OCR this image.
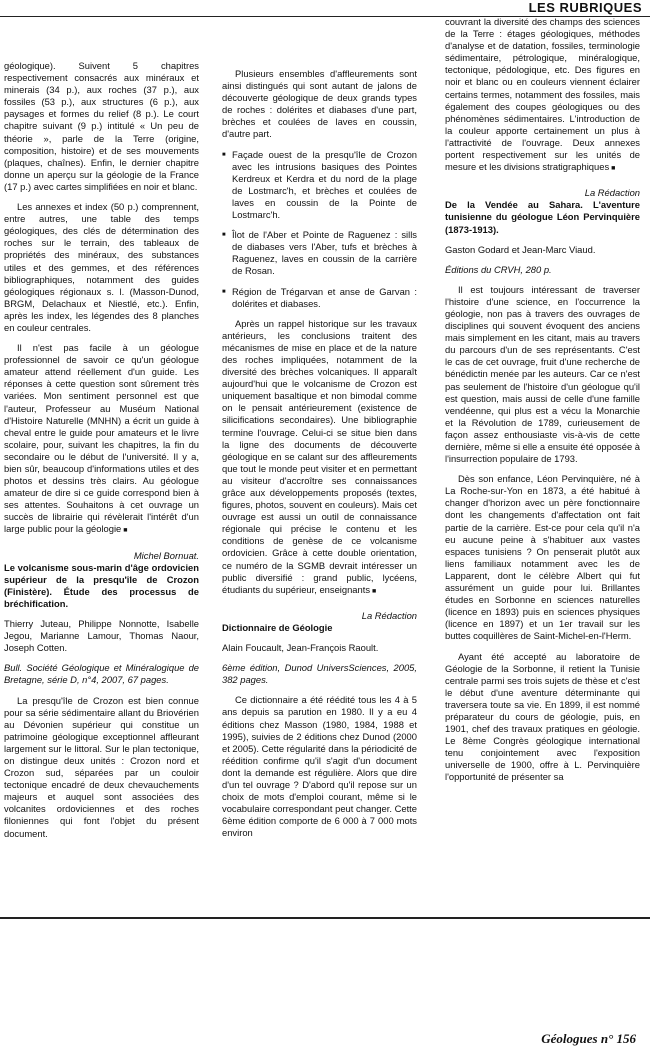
LES RUBRIQUES

géologique). Suivent 5 chapitres respectivement consacrés aux minéraux et minerais (34 p.), aux roches (37 p.), aux fossiles (53 p.), aux structures (6 p.), aux paysages et formes du relief (8 p.). Le court chapitre suivant (9 p.) intitulé « Un peu de théorie », parle de la Terre (origine, composition, histoire) et de ses mouvements (plaques, chaînes). Enfin, le dernier chapitre donne un aperçu sur la géologie de la France (17 p.) avec cartes simplifiées en noir et blanc.

Les annexes et index (50 p.) comprennent, entre autres, une table des temps géologiques, des clés de détermination des roches sur le terrain, des tableaux de propriétés des minéraux, des substances utiles et des gemmes, et des références bibliographiques, notamment des guides géologiques régionaux s. l. (Masson-Dunod, BRGM, Delachaux et Niestlé, etc.). Enfin, après les index, les légendes des 8 planches en couleur centrales.

Il n'est pas facile à un géologue professionnel de savoir ce qu'un géologue amateur attend réellement d'un guide. Les réponses à cette question sont sûrement très variées. Mon sentiment personnel est que l'auteur, Professeur au Muséum National d'Histoire Naturelle (MNHN) a écrit un guide à cheval entre le guide pour amateurs et le livre scolaire, pour, suivant les chapitres, la fin du secondaire ou le début de l'université. Il y a, bien sûr, beaucoup d'informations utiles et des photos et dessins très clairs. Au géologue amateur de dire si ce guide correspond bien à ses attentes. Souhaitons à cet ouvrage un succès de librairie qui révèlerait l'intérêt d'un large public pour la géologie ■

Michel Bornuat.

Le volcanisme sous-marin d'âge ordovicien supérieur de la presqu'île de Crozon (Finistère). Étude des processus de bréchification.

Thierry Juteau, Philippe Nonnotte, Isabelle Jegou, Marianne Lamour, Thomas Naour, Joseph Cotten.

Bull. Société Géologique et Minéralogique de Bretagne, série D, n°4, 2007, 67 pages.

La presqu'île de Crozon est bien connue pour sa série sédimentaire allant du Briovérien au Dévonien supérieur qui constitue un patrimoine géologique exceptionnel affleurant largement sur le littoral. Sur le plan tectonique, on distingue deux unités : Crozon nord et Crozon sud, séparées par un couloir tectonique encadré de deux chevauchements majeurs et auquel sont associées des volcanites ordoviciennes et des roches filoniennes qui font l'objet du présent document.

Plusieurs ensembles d'affleurements sont ainsi distingués qui sont autant de jalons de découverte géologique de deux grands types de roches : dolérites et diabases d'une part, brèches et coulées de laves en coussin, d'autre part.

■ Façade ouest de la presqu'île de Crozon avec les intrusions basiques des Pointes Kerdreux et Kerdra et du nord de la plage de Lostmarc'h, et brèches et coulées de laves en coussin de la Pointe de Lostmarc'h.

■ Îlot de l'Aber et Pointe de Raguenez : sills de diabases vers l'Aber, tufs et brèches à Raguenez, laves en coussin de la carrière de Rosan.

■ Région de Trégarvan et anse de Garvan : dolérites et diabases.

Après un rappel historique sur les travaux antérieurs, les conclusions traitent des mécanismes de mise en place et de la nature des roches impliquées, notamment de la diversité des brèches volcaniques. Il apparaît aujourd'hui que le volcanisme de Crozon est uniquement basaltique et non bimodal comme on le pensait antérieurement (existence de silicifications secondaires). Une bibliographie termine l'ouvrage. Celui-ci se situe bien dans la ligne des documents de découverte géologique en se calant sur des affleurements que tout le monde peut visiter et en permettant au visiteur d'accroître ses connaissances grâce aux développements proposés (textes, figures, photos, souvent en couleurs). Mais cet ouvrage est aussi un outil de connaissance régionale qui précise le contenu et les conditions de genèse de ce volcanisme ordovicien. Grâce à cette double orientation, ce numéro de la SGMB devrait intéresser un public diversifié : grand public, lycéens, étudiants du supérieur, enseignants ■

La Rédaction

Dictionnaire de Géologie

Alain Foucault, Jean-François Raoult.

6ème édition, Dunod UniversSciences, 2005, 382 pages.

Ce dictionnaire a été réédité tous les 4 à 5 ans depuis sa parution en 1980. Il y a eu 4 éditions chez Masson (1980, 1984, 1988 et 1995), suivies de 2 éditions chez Dunod (2000 et 2005). Cette régularité dans la périodicité de réédition confirme qu'il s'agit d'un document dont la demande est régulière. Alors que dire d'un tel ouvrage ? D'abord qu'il repose sur un choix de mots d'emploi courant, même si le vocabulaire correspondant peut changer. Cette 6ème édition comporte de 6 000 à 7 000 mots environ

couvrant la diversité des champs des sciences de la Terre : étages géologiques, méthodes d'analyse et de datation, fossiles, terminologie sédimentaire, pétrologique, minéralogique, tectonique, pédologique, etc. Des figures en noir et blanc ou en couleurs viennent éclairer certains termes, notamment des fossiles, mais également des coupes géologiques ou des phénomènes sédimentaires. L'introduction de la couleur apporte certainement un plus à l'attractivité de l'ouvrage. Deux annexes portent respectivement sur les unités de mesure et les divisions stratigraphiques ■

La Rédaction

De la Vendée au Sahara. L'aventure tunisienne du géologue Léon Pervinquière (1873-1913).

Gaston Godard et Jean-Marc Viaud.

Éditions du CRVH, 280 p.

Il est toujours intéressant de traverser l'histoire d'une science, en l'occurrence la géologie, non pas à travers des ouvrages de disciplines qui souvent évoquent des anciens mais simplement en les citant, mais au travers du parcours d'un de ses représentants. C'est le cas de cet ouvrage, fruit d'une recherche de bénédictin menée par les auteurs. Car ce n'est pas seulement de l'histoire d'un géologue qu'il est question, mais aussi de celle d'une famille vendéenne, qui plus est a vécu la Monarchie et la Révolution de 1789, curieusement de façon assez enthousiaste vis-à-vis de cette dernière, même si elle a ensuite été opposée à l'insurrection populaire de 1793.

Dès son enfance, Léon Pervinquière, né à La Roche-sur-Yon en 1873, a été habitué à changer d'horizon avec un père fonctionnaire dont les changements d'affectation ont fait partie de la carrière. Est-ce pour cela qu'il n'a eu aucune peine à s'habituer aux vastes espaces tunisiens ? On penserait plutôt aux liens familiaux notamment avec les de Lapparent, dont le célèbre Albert qui fut assurément un guide pour lui. Brillantes études en Sorbonne en sciences naturelles (licence en 1893) puis en sciences physiques (licence en 1897) et un 1er travail sur les buttes coquillères de Saint-Michel-en-l'Herm.

Ayant été accepté au laboratoire de Géologie de la Sorbonne, il retient la Tunisie centrale parmi ses trois sujets de thèse et c'est le début d'une aventure déterminante qui traversera toute sa vie. En 1899, il est nommé préparateur du cours de géologie, puis, en 1901, chef des travaux pratiques en géologie. Le 8ème Congrès géologique international tenu conjointement avec l'exposition universelle de 1900, offre à L. Pervinquière l'opportunité de présenter sa

Géologues n° 156
